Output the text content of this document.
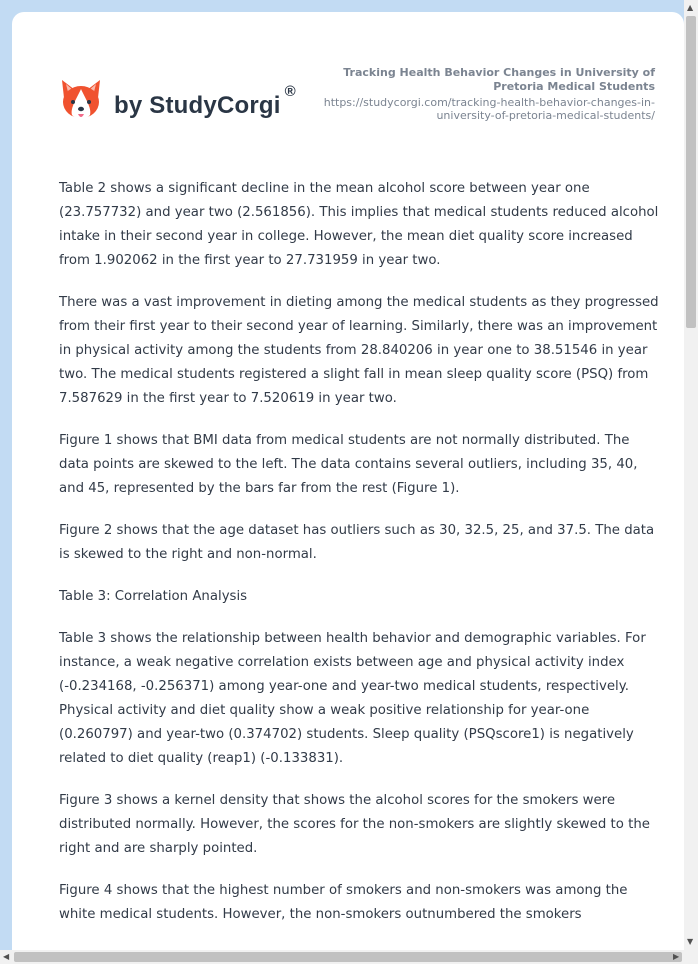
by StudyCorgi
®
Tracking Health Behavior Changes in University of Pretoria Medical Students
https://studycorgi.com/tracking-health-behavior-changes-in-university-of-pretoria-medical-students/

Table 2 shows a significant decline in the mean alcohol score between year one (23.757732) and year two (2.561856). This implies that medical students reduced alcohol intake in their second year in college. However, the mean diet quality score increased from 1.902062 in the first year to 27.731959 in year two.

There was a vast improvement in dieting among the medical students as they progressed from their first year to their second year of learning. Similarly, there was an improvement in physical activity among the students from 28.840206 in year one to 38.51546 in year two. The medical students registered a slight fall in mean sleep quality score (PSQ) from 7.587629 in the first year to 7.520619 in year two.

Figure 1 shows that BMI data from medical students are not normally distributed. The data points are skewed to the left. The data contains several outliers, including 35, 40, and 45, represented by the bars far from the rest (Figure 1).

Figure 2 shows that the age dataset has outliers such as 30, 32.5, 25, and 37.5. The data is skewed to the right and non-normal.

Table 3: Correlation Analysis

Table 3 shows the relationship between health behavior and demographic variables. For instance, a weak negative correlation exists between age and physical activity index (-0.234168, -0.256371) among year-one and year-two medical students, respectively. Physical activity and diet quality show a weak positive relationship for year-one (0.260797) and year-two (0.374702) students. Sleep quality (PSQscore1) is negatively related to diet quality (reap1) (-0.133831).

Figure 3 shows a kernel density that shows the alcohol scores for the smokers were distributed normally. However, the scores for the non-smokers are slightly skewed to the right and are sharply pointed.

Figure 4 shows that the highest number of smokers and non-smokers was among the white medical students. However, the non-smokers outnumbered the smokers

▲
▼
◀	▶
